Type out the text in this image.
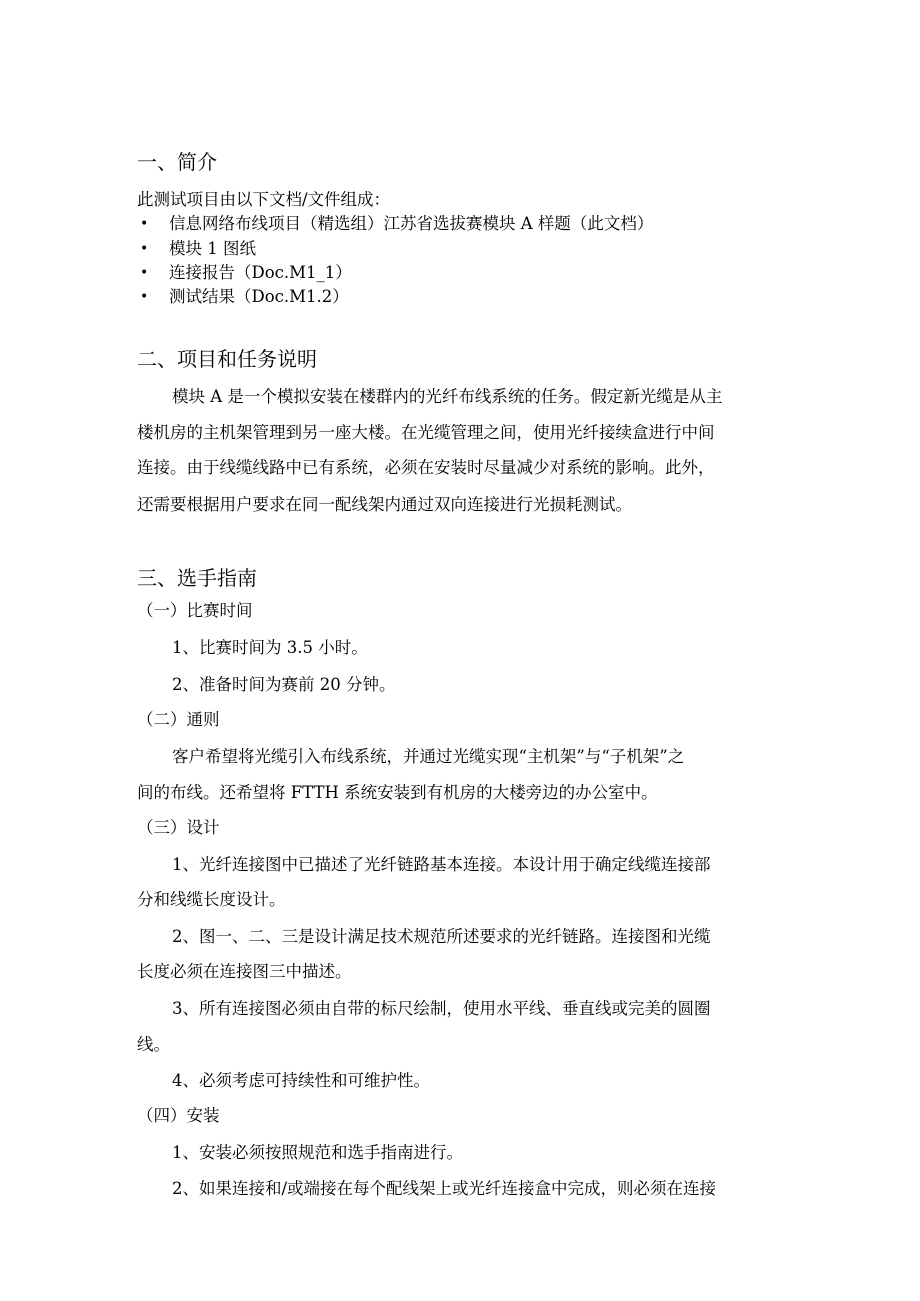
一、简介
此测试项目由以下文档/文件组成：
• 信息网络布线项目（精选组）江苏省选拔赛模块 A 样题（此文档）
• 模块 1 图纸
• 连接报告（Doc.M1_1）
• 测试结果（Doc.M1.2）
二、项目和任务说明
模块 A 是一个模拟安装在楼群内的光纤布线系统的任务。假定新光缆是从主
楼机房的主机架管理到另一座大楼。在光缆管理之间，使用光纤接续盒进行中间
连接。由于线缆线路中已有系统，必须在安装时尽量减少对系统的影响。此外，
还需要根据用户要求在同一配线架内通过双向连接进行光损耗测试。
三、选手指南
（一）比赛时间
1、比赛时间为 3.5 小时。
2、准备时间为赛前 20 分钟。
（二）通则
客户希望将光缆引入布线系统，并通过光缆实现“主机架”与“子机架”之
间的布线。还希望将 FTTH 系统安装到有机房的大楼旁边的办公室中。
（三）设计
1、光纤连接图中已描述了光纤链路基本连接。本设计用于确定线缆连接部
分和线缆长度设计。
2、图一、二、三是设计满足技术规范所述要求的光纤链路。连接图和光缆
长度必须在连接图三中描述。
3、所有连接图必须由自带的标尺绘制，使用水平线、垂直线或完美的圆圈
线。
4、必须考虑可持续性和可维护性。
（四）安装
1、安装必须按照规范和选手指南进行。
2、如果连接和/或端接在每个配线架上或光纤连接盒中完成，则必须在连接
